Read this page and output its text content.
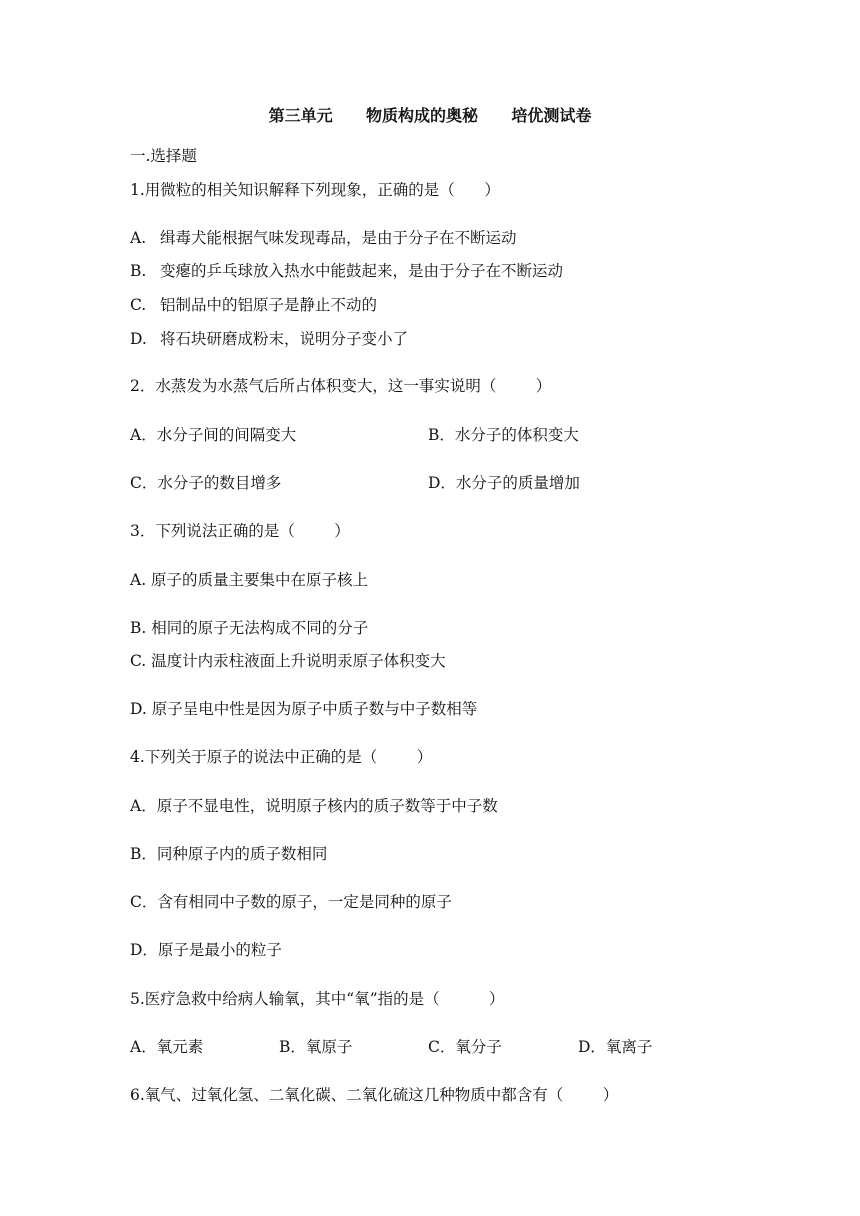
第三单元      物质构成的奥秘      培优测试卷
一.选择题
1.用微粒的相关知识解释下列现象，正确的是（      ）
A. 缉毒犬能根据气味发现毒品，是由于分子在不断运动
B. 变瘪的乒乓球放入热水中能鼓起来，是由于分子在不断运动
C. 铝制品中的铝原子是静止不动的
D. 将石块研磨成粉末，说明分子变小了
2．水蒸发为水蒸气后所占体积变大，这一事实说明（        ）
A．水分子间的间隔变大	B．水分子的体积变大
C．水分子的数目增多	D．水分子的质量增加
3．下列说法正确的是（        ）
A. 原子的质量主要集中在原子核上
B. 相同的原子无法构成不同的分子
C. 温度计内汞柱液面上升说明汞原子体积变大
D. 原子呈电中性是因为原子中质子数与中子数相等
4.下列关于原子的说法中正确的是（        ）
A．原子不显电性，说明原子核内的质子数等于中子数
B．同种原子内的质子数相同
C．含有相同中子数的原子，一定是同种的原子
D．原子是最小的粒子
5.医疗急救中给病人输氧，其中“氧”指的是（          ）
A．氧元素	B．氧原子	C．氧分子	D．氧离子
6.氧气、过氧化氢、二氧化碳、二氧化硫这几种物质中都含有（        ）
